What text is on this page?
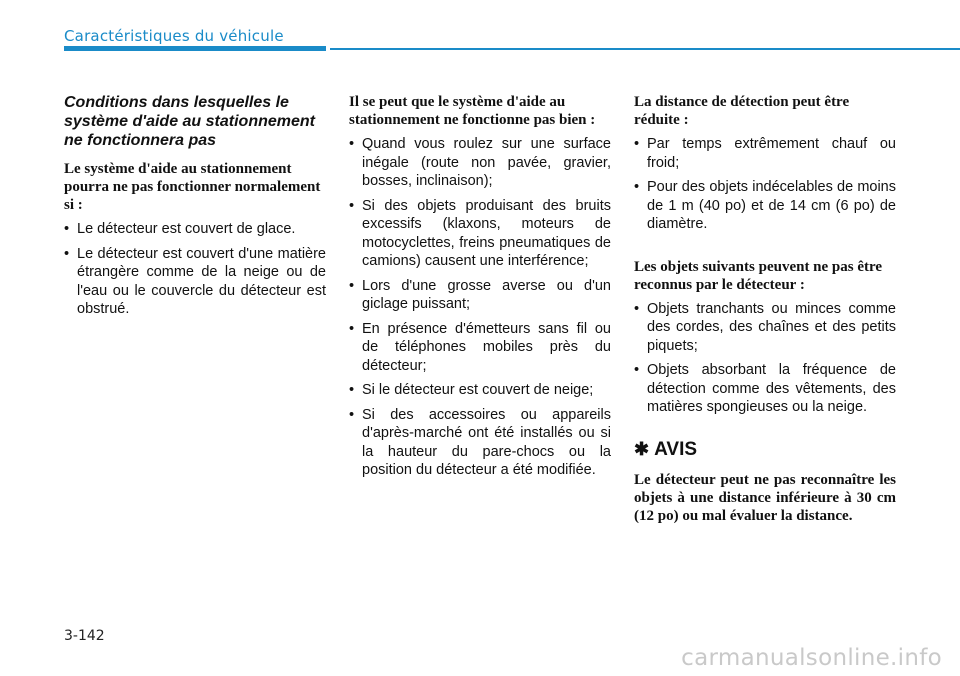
Caractéristiques du véhicule

Conditions dans lesquelles le système d'aide au stationnement ne fonctionnera pas

Le système d'aide au stationnement pourra ne pas fonctionner normalement si :

• Le détecteur est couvert de glace.
• Le détecteur est couvert d'une matière étrangère comme de la neige ou de l'eau ou le couvercle du détecteur est obstrué.

Il se peut que le système d'aide au stationnement ne fonctionne pas bien :

• Quand vous roulez sur une surface inégale (route non pavée, gravier, bosses, inclinaison);
• Si des objets produisant des bruits excessifs (klaxons, moteurs de motocyclettes, freins pneumatiques de camions) causent une interférence;
• Lors d'une grosse averse ou d'un giclage puissant;
• En présence d'émetteurs sans fil ou de téléphones mobiles près du détecteur;
• Si le détecteur est couvert de neige;
• Si des accessoires ou appareils d'après-marché ont été installés ou si la hauteur du pare-chocs ou la position du détecteur a été modifiée.

La distance de détection peut être réduite :

• Par temps extrêmement chauf ou froid;
• Pour des objets indécelables de moins de 1 m (40 po) et de 14 cm (6 po) de diamètre.

Les objets suivants peuvent ne pas être reconnus par le détecteur :

• Objets tranchants ou minces comme des cordes, des chaînes et des petits piquets;
• Objets absorbant la fréquence de détection comme des vêtements, des matières spongieuses ou la neige.
✱ AVIS

Le détecteur peut ne pas reconnaître les objets à une distance inférieure à 30 cm (12 po) ou mal évaluer la distance.

3-142
carmanualsonline.info
